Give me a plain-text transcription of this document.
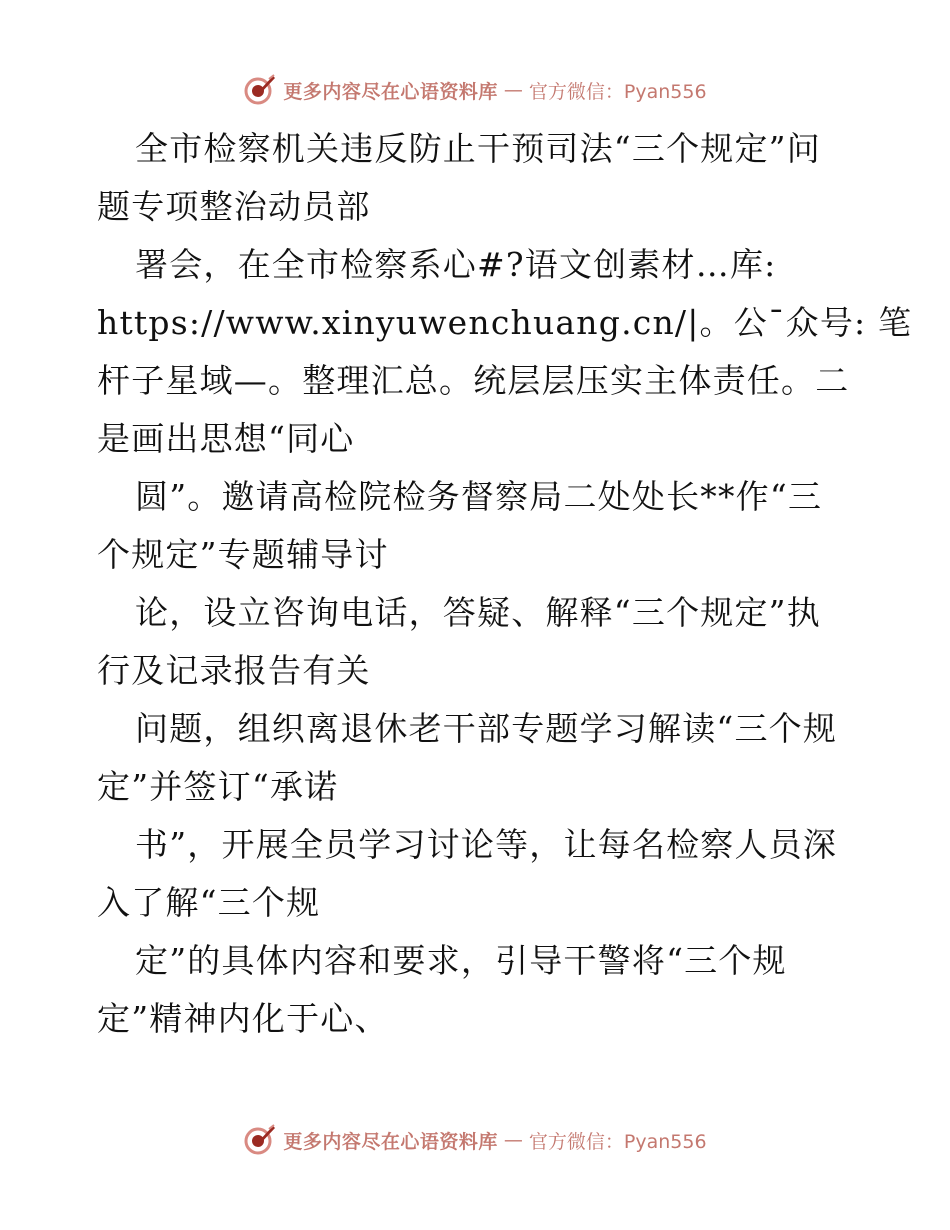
更多内容尽在心语资料库 — 官方微信：Pyan556
全市检察机关违反防止干预司法“三个规定”问
题专项整治动员部
署会，在全市检察系心#?语文创素材…库:
https://www.xinyuwenchuang.cn/|。公¯众号: 笔
杆子星域—。整理汇总。统层层压实主体责任。二
是画出思想“同心
圆”。邀请高检院检务督察局二处处长**作“三
个规定”专题辅导讨
论，设立咨询电话，答疑、解释“三个规定”执
行及记录报告有关
问题，组织离退休老干部专题学习解读“三个规
定”并签订“承诺
书”，开展全员学习讨论等，让每名检察人员深
入了解“三个规
定”的具体内容和要求，引导干警将“三个规
定”精神内化于心、
更多内容尽在心语资料库 — 官方微信：Pyan556
